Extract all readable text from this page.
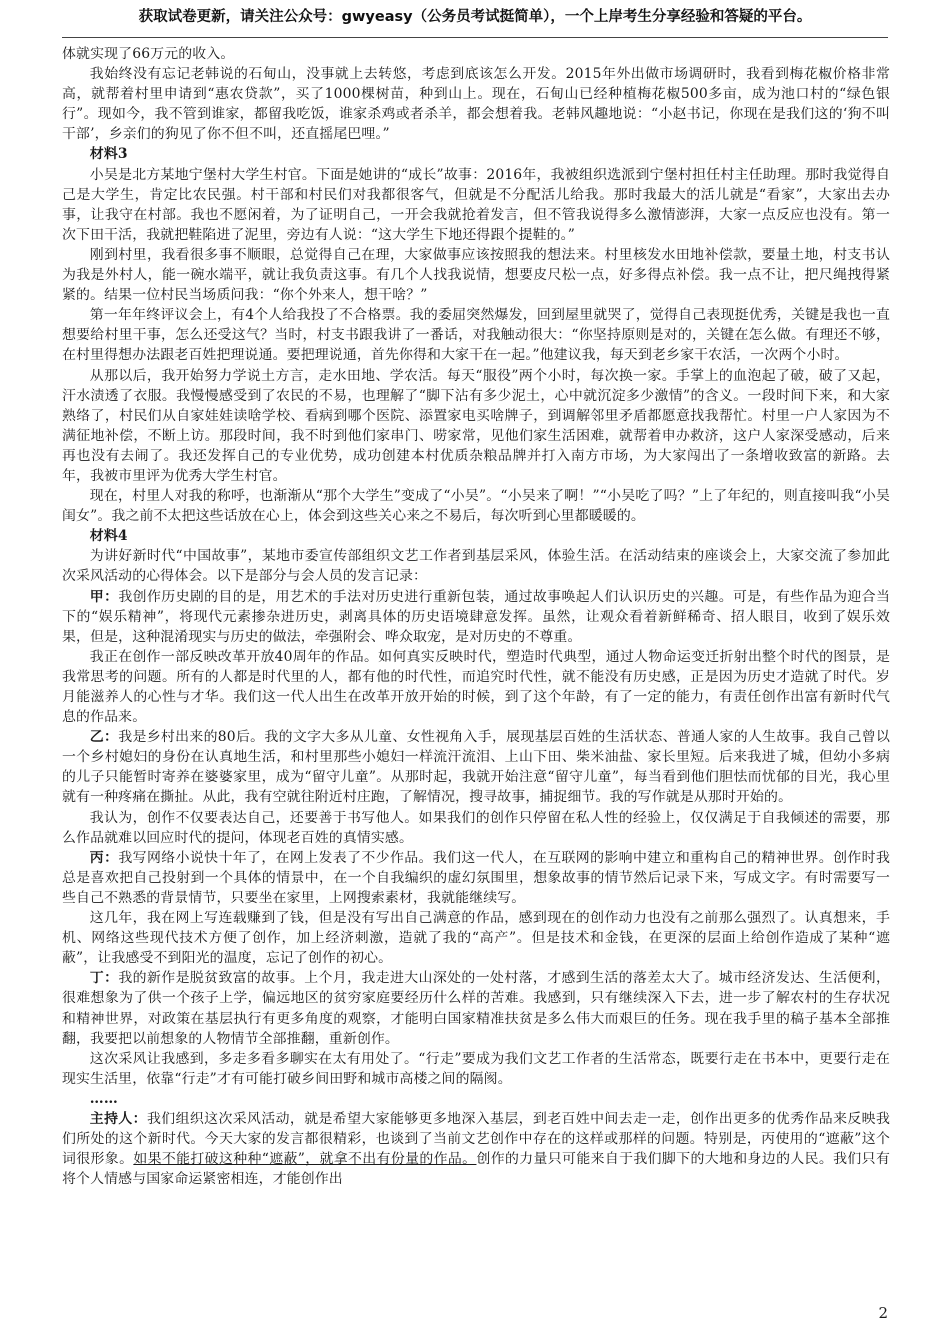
获取试卷更新，请关注公众号：gwyeasy（公务员考试挺简单），一个上岸考生分享经验和答疑的平台。

体就实现了66万元的收入。

我始终没有忘记老韩说的石甸山，没事就上去转悠，考虑到底该怎么开发。2015年外出做市场调研时，我看到梅花椒价格非常高，就帮着村里申请到“惠农贷款”，买了1000棵树苗，种到山上。现在，石甸山已经种植梅花椒500多亩，成为池口村的“绿色银行”。现如今，我不管到谁家，都留我吃饭，谁家杀鸡或者杀羊，都会想着我。老韩风趣地说：“小赵书记，你现在是我们这的‘狗不叫干部’，乡亲们的狗见了你不但不叫，还直摇尾巴哩。”

材料3

小吴是北方某地宁堡村大学生村官。下面是她讲的“成长”故事：2016年，我被组织选派到宁堡村担任村主任助理。那时我觉得自己是大学生，肯定比农民强。村干部和村民们对我都很客气，但就是不分配活儿给我。那时我最大的活儿就是“看家”，大家出去办事，让我守在村部。我也不愿闲着，为了证明自己，一开会我就抢着发言，但不管我说得多么激情澎湃，大家一点反应也没有。第一次下田干活，我就把鞋陷进了泥里，旁边有人说：“这大学生下地还得跟个提鞋的。”

刚到村里，我看很多事不顺眼，总觉得自己在理，大家做事应该按照我的想法来。村里核发水田地补偿款，要量土地，村支书认为我是外村人，能一碗水端平，就让我负责这事。有几个人找我说情，想要皮尺松一点，好多得点补偿。我一点不让，把尺绳拽得紧紧的。结果一位村民当场质问我：“你个外来人，想干啥？”

第一年年终评议会上，有4个人给我投了不合格票。我的委屈突然爆发，回到屋里就哭了，觉得自己表现挺优秀，关键是我也一直想要给村里干事，怎么还受这气？当时，村支书跟我讲了一番话，对我触动很大：“你坚持原则是对的，关键在怎么做。有理还不够，在村里得想办法跟老百姓把理说通。要把理说通，首先你得和大家干在一起。”他建议我，每天到老乡家干农活，一次两个小时。

从那以后，我开始努力学说土方言，走水田地、学农活。每天“服役”两个小时，每次换一家。手掌上的血泡起了破，破了又起，汗水渍透了衣服。我慢慢感受到了农民的不易，也理解了“脚下沾有多少泥土，心中就沉淀多少激情”的含义。一段时间下来，和大家熟络了，村民们从自家娃娃读啥学校、看病到哪个医院、添置家电买啥牌子，到调解邻里矛盾都愿意找我帮忙。村里一户人家因为不满征地补偿，不断上访。那段时间，我不时到他们家串门、唠家常，见他们家生活困难，就帮着申办救济，这户人家深受感动，后来再也没有去闹了。我还发挥自己的专业优势，成功创建本村优质杂粮品牌并打入南方市场，为大家闯出了一条增收致富的新路。去年，我被市里评为优秀大学生村官。

现在，村里人对我的称呼，也渐渐从“那个大学生”变成了“小吴”。“小吴来了啊！”“小吴吃了吗？”上了年纪的，则直接叫我“小吴闺女”。我之前不太把这些话放在心上，体会到这些关心来之不易后，每次听到心里都暖暖的。

材料4

为讲好新时代“中国故事”，某地市委宣传部组织文艺工作者到基层采风，体验生活。在活动结束的座谈会上，大家交流了参加此次采风活动的心得体会。以下是部分与会人员的发言记录：

甲：我创作历史剧的目的是，用艺术的手法对历史进行重新包装，通过故事唤起人们认识历史的兴趣。可是，有些作品为迎合当下的“娱乐精神”，将现代元素掺杂进历史，剥离具体的历史语境肆意发挥。虽然，让观众看着新鲜稀奇、招人眼目，收到了娱乐效果，但是，这种混淆现实与历史的做法，牵强附会、哗众取宠，是对历史的不尊重。

我正在创作一部反映改革开放40周年的作品。如何真实反映时代，塑造时代典型，通过人物命运变迁折射出整个时代的图景，是我常思考的问题。所有的人都是时代里的人，都有他的时代性，而追究时代性，就不能没有历史感，正是因为历史才造就了时代。岁月能滋养人的心性与才华。我们这一代人出生在改革开放开始的时候，到了这个年龄，有了一定的能力，有责任创作出富有新时代气息的作品来。

乙：我是乡村出来的80后。我的文字大多从儿童、女性视角入手，展现基层百姓的生活状态、普通人家的人生故事。我自己曾以一个乡村媳妇的身份在认真地生活，和村里那些小媳妇一样流汗流泪、上山下田、柴米油盐、家长里短。后来我进了城，但幼小多病的儿子只能暂时寄养在婆婆家里，成为“留守儿童”。从那时起，我就开始注意“留守儿童”，每当看到他们胆怯而忧郁的目光，我心里就有一种疼痛在撕扯。从此，我有空就往附近村庄跑，了解情况，搜寻故事，捕捉细节。我的写作就是从那时开始的。

我认为，创作不仅要表达自己，还要善于书写他人。如果我们的创作只停留在私人性的经验上，仅仅满足于自我倾述的需要，那么作品就难以回应时代的提问，体现老百姓的真情实感。

丙：我写网络小说快十年了，在网上发表了不少作品。我们这一代人，在互联网的影响中建立和重构自己的精神世界。创作时我总是喜欢把自己投射到一个具体的情景中，在一个自我编织的虚幻氛围里，想象故事的情节然后记录下来，写成文字。有时需要写一些自己不熟悉的背景情节，只要坐在家里，上网搜索素材，我就能继续写。

这几年，我在网上写连载赚到了钱，但是没有写出自己满意的作品，感到现在的创作动力也没有之前那么强烈了。认真想来，手机、网络这些现代技术方便了创作，加上经济刺激，造就了我的“高产”。但是技术和金钱，在更深的层面上给创作造成了某种“遮蔽”，让我感受不到阳光的温度，忘记了创作的初心。

丁：我的新作是脱贫致富的故事。上个月，我走进大山深处的一处村落，才感到生活的落差太大了。城市经济发达、生活便利，很难想象为了供一个孩子上学，偏远地区的贫穷家庭要经历什么样的苦难。我感到，只有继续深入下去，进一步了解农村的生存状况和精神世界，对政策在基层执行有更多角度的观察，才能明白国家精准扶贫是多么伟大而艰巨的任务。现在我手里的稿子基本全部推翻，我要把以前想象的人物情节全部推翻，重新创作。

这次采风让我感到，多走多看多聊实在太有用处了。“行走”要成为我们文艺工作者的生活常态，既要行走在书本中，更要行走在现实生活里，依靠“行走”才有可能打破乡间田野和城市高楼之间的隔阂。

……

主持人：我们组织这次采风活动，就是希望大家能够更多地深入基层，到老百姓中间去走一走，创作出更多的优秀作品来反映我们所处的这个新时代。今天大家的发言都很精彩，也谈到了当前文艺创作中存在的这样或那样的问题。特别是，丙使用的“遮蔽”这个词很形象。如果不能打破这种种“遮蔽”，就拿不出有份量的作品。创作的力量只可能来自于我们脚下的大地和身边的人民。我们只有将个人情感与国家命运紧密相连，才能创作出

2
